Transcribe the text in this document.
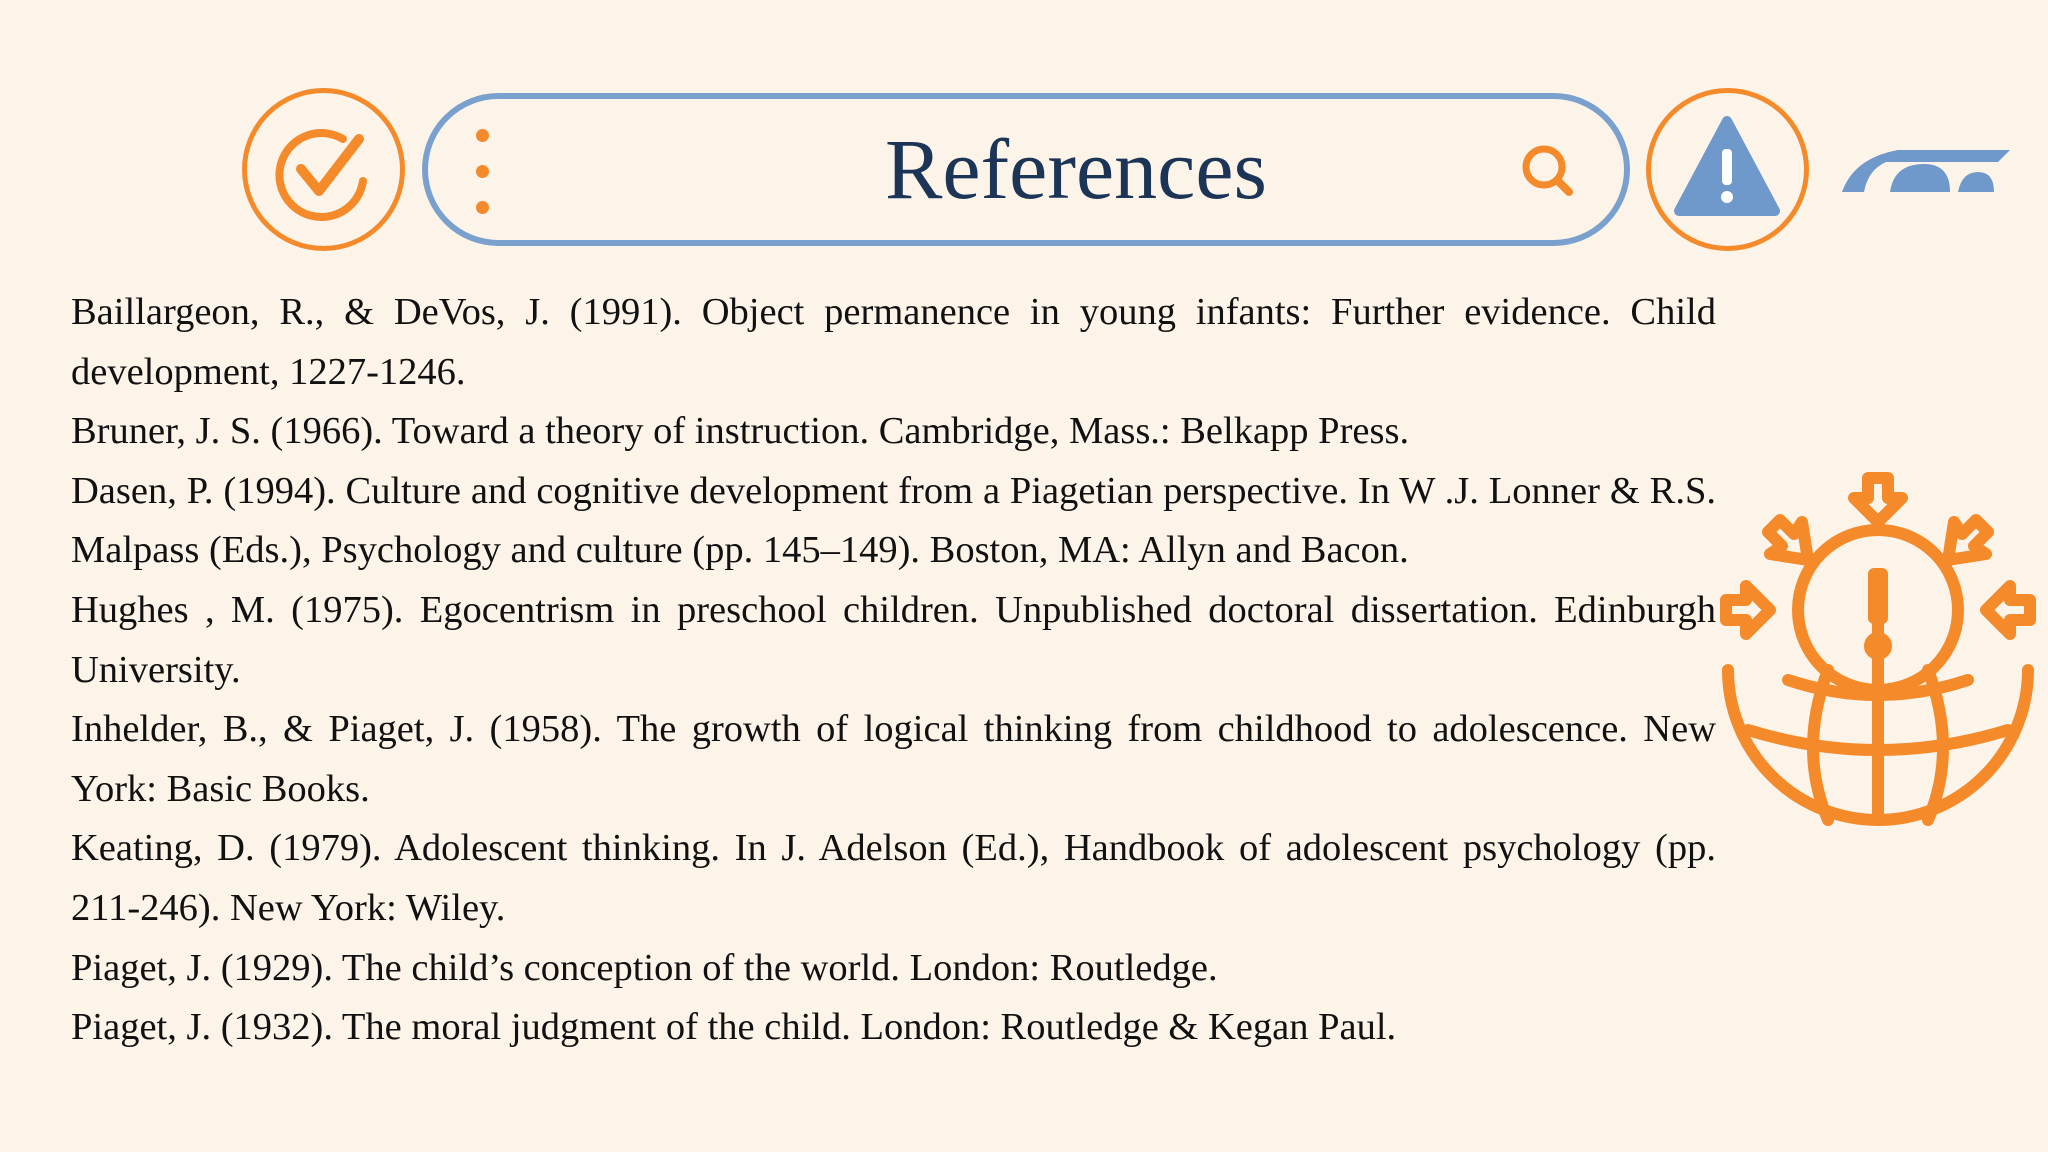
References

Baillargeon, R., & DeVos, J. (1991). Object permanence in young infants: Further evidence. Child development, 1227-1246.

Bruner, J. S. (1966). Toward a theory of instruction. Cambridge, Mass.: Belkapp Press.

Dasen, P. (1994). Culture and cognitive development from a Piagetian perspective. In W .J. Lonner & R.S. Malpass (Eds.), Psychology and culture (pp. 145–149). Boston, MA: Allyn and Bacon.

Hughes , M. (1975). Egocentrism in preschool children. Unpublished doctoral dissertation. Edinburgh University.

Inhelder, B., & Piaget, J. (1958). The growth of logical thinking from childhood to adolescence. New York: Basic Books.

Keating, D. (1979). Adolescent thinking. In J. Adelson (Ed.), Handbook of adolescent psychology (pp. 211-246). New York: Wiley.

Piaget, J. (1929). The child’s conception of the world. London: Routledge.

Piaget, J. (1932). The moral judgment of the child. London: Routledge & Kegan Paul.
